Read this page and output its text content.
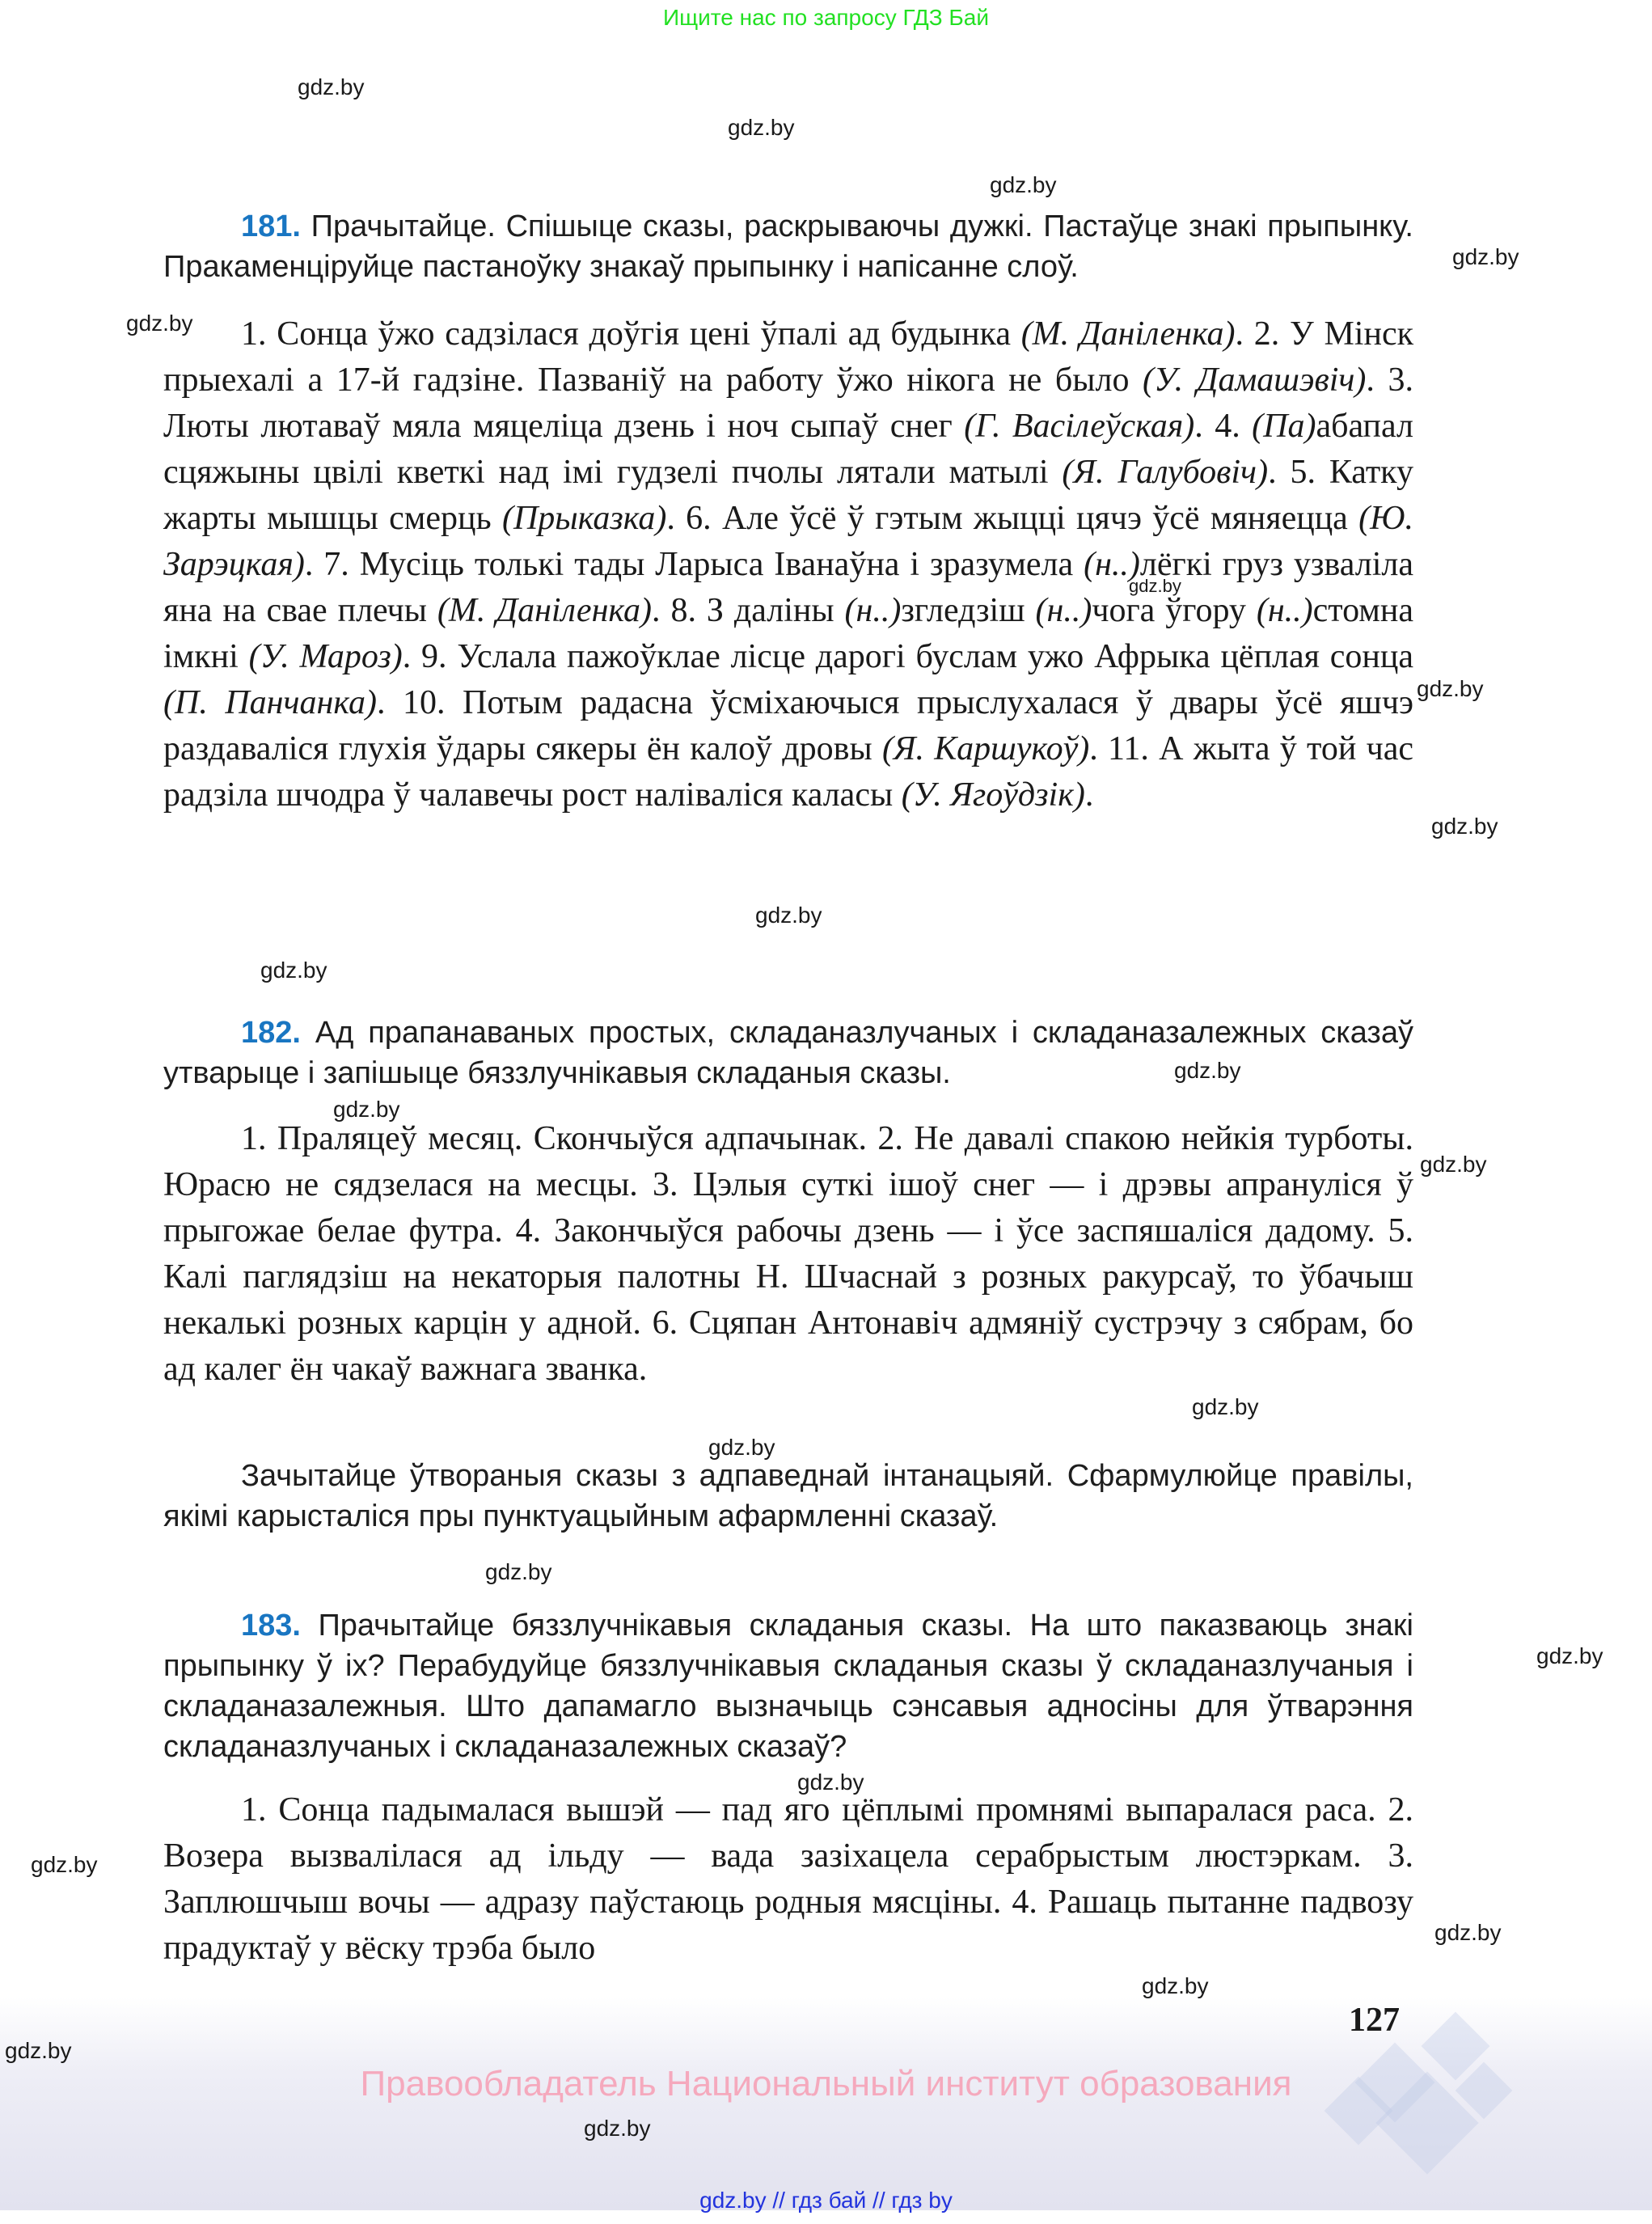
Ищите нас по запросу ГДЗ Бай

181. Прачытайце. Спішыце сказы, раскрываючы дужкі. Пастаўце знакі прыпынку. Пракаменціруйце пастаноўку знакаў прыпынку і напісанне слоў.

1. Сонца ўжо садзілася доўгія цені ўпалі ад будынка (М. Даніленка). 2. У Мінск прыехалі а 17-й гадзіне. Пазваніў на работу ўжо нікога не было (У. Дамашэвіч). 3. Люты лютаваў мяла мяцеліца дзень і ноч сыпаў снег (Г. Васілеўская). 4. (Па)абапал сцяжыны цвілі кветкі над імі гудзелі пчолы лятали матылі (Я. Галубовіч). 5. Катку жарты мышцы смерць (Прыказка). 6. Але ўсё ў гэтым жыцці цячэ ўсё мяняецца (Ю. Зарэцкая). 7. Мусіць толькі тады Ларыса Іванаўна і зразумела (н..)лёгкі груз узваліла яна на свае плечы (М. Даніленка). 8. З даліны (н..)згледзіш (н..)чога ўгору (н..)стомна імкні (У. Мароз). 9. Услала пажоўклае лісце дарогі буслам ужо Афрыка цёплая сонца (П. Панчанка). 10. Потым радасна ўсміхаючыся прыслухалася ў двары ўсё яшчэ раздаваліся глухія ўдары сякеры ён калоў дровы (Я. Каршукоў). 11. А жыта ў той час радзіла шчодра ў чалавечы рост наліваліся каласы (У. Ягоўдзік).

182. Ад прапанаваных простых, складаназлучаных і складаназалежных сказаў утварыце і запішыце бяззлучнікавыя складаныя сказы.

1. Праляцеў месяц. Скончыўся адпачынак. 2. Не давалі спакою нейкія турботы. Юрасю не сядзелася на месцы. 3. Цэлыя суткі ішоў снег — і дрэвы апрануліся ў прыгожае белае футра. 4. Закончыўся рабочы дзень — і ўсе заспяшаліся дадому. 5. Калі паглядзіш на некаторыя палотны Н. Шчаснай з розных ракурсаў, то ўбачыш некалькі розных карцін у адной. 6. Сцяпан Антонавіч адмяніў сустрэчу з сябрам, бо ад калег ён чакаў важнага званка.

Зачытайце ўтвораныя сказы з адпаведнай інтанацыяй. Сфармулюйце правілы, якімі карысталіся пры пунктуацыйным афармленні сказаў.

183. Прачытайце бяззлучнікавыя складаныя сказы. На што паказваюць знакі прыпынку ў іх? Перабудуйце бяззлучнікавыя складаныя сказы ў складаназлучаныя і складаназалежныя. Што дапамагло вызначыць сэнсавыя адносіны для ўтварэння складаназлучаных і складаназалежных сказаў?

1. Сонца падымалася вышэй — пад яго цёплымі промнямі выпаралася раса. 2. Возера вызвалілася ад ільду — вада зазіхацела серабрыстым люстэркам. 3. Заплюшчыш вочы — адразу паўстаюць родныя мясціны. 4. Рашаць пытанне падвозу прадуктаў у вёску трэба было

127
Правообладатель Национальный институт образования
gdz.by // гдз бай // гдз by
gdz.by
gdz.by
gdz.by
gdz.by
gdz.by
gdz.by
gdz.by
gdz.by
gdz.by
gdz.by
gdz.by
gdz.by
gdz.by
gdz.by
gdz.by
gdz.by
gdz.by
gdz.by
gdz.by
gdz.by
gdz.by
gdz.by
gdz.by
